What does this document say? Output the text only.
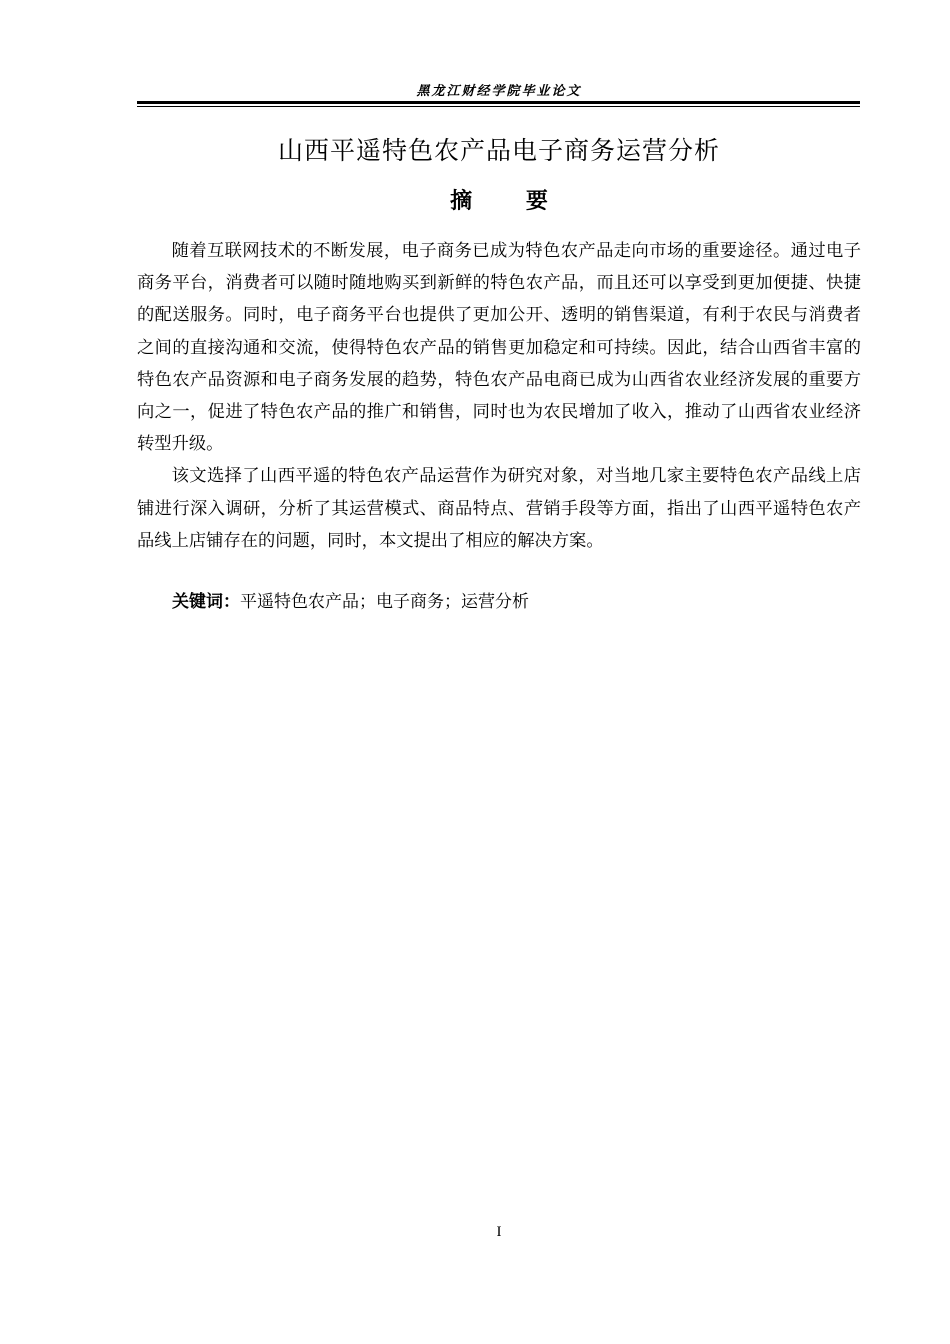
黑龙江财经学院毕业论文
山西平遥特色农产品电子商务运营分析
摘 要

随着互联网技术的不断发展，电子商务已成为特色农产品走向市场的重要途径。通过电子商务平台，消费者可以随时随地购买到新鲜的特色农产品，而且还可以享受到更加便捷、快捷的配送服务。同时，电子商务平台也提供了更加公开、透明的销售渠道，有利于农民与消费者之间的直接沟通和交流，使得特色农产品的销售更加稳定和可持续。因此，结合山西省丰富的特色农产品资源和电子商务发展的趋势，特色农产品电商已成为山西省农业经济发展的重要方向之一，促进了特色农产品的推广和销售，同时也为农民增加了收入，推动了山西省农业经济转型升级。

该文选择了山西平遥的特色农产品运营作为研究对象，对当地几家主要特色农产品线上店铺进行深入调研，分析了其运营模式、商品特点、营销手段等方面，指出了山西平遥特色农产品线上店铺存在的问题，同时，本文提出了相应的解决方案。

关键词：平遥特色农产品；电子商务；运营分析
I
